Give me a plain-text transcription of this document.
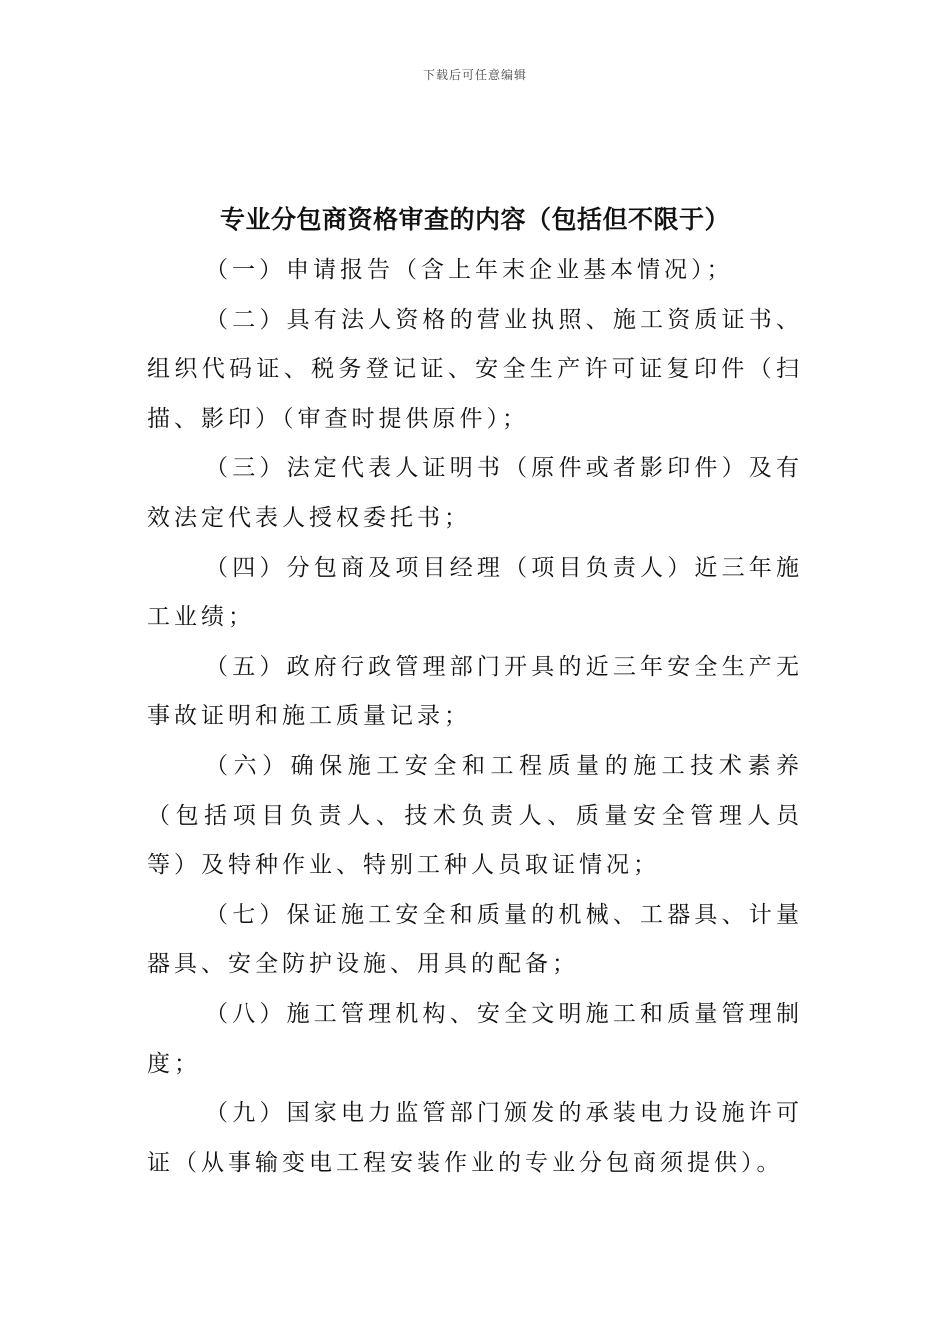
下载后可任意编辑
专业分包商资格审查的内容（包括但不限于）

（一）申请报告（含上年末企业基本情况）；

（二）具有法人资格的营业执照、施工资质证书、组织代码证、税务登记证、安全生产许可证复印件（扫描、影印）（审查时提供原件）；

（三）法定代表人证明书（原件或者影印件）及有效法定代表人授权委托书；

（四）分包商及项目经理（项目负责人）近三年施工业绩；

（五）政府行政管理部门开具的近三年安全生产无事故证明和施工质量记录；

（六）确保施工安全和工程质量的施工技术素养（包括项目负责人、技术负责人、质量安全管理人员等）及特种作业、特别工种人员取证情况；

（七）保证施工安全和质量的机械、工器具、计量器具、安全防护设施、用具的配备；

（八）施工管理机构、安全文明施工和质量管理制度；

（九）国家电力监管部门颁发的承装电力设施许可证（从事输变电工程安装作业的专业分包商须提供）。
